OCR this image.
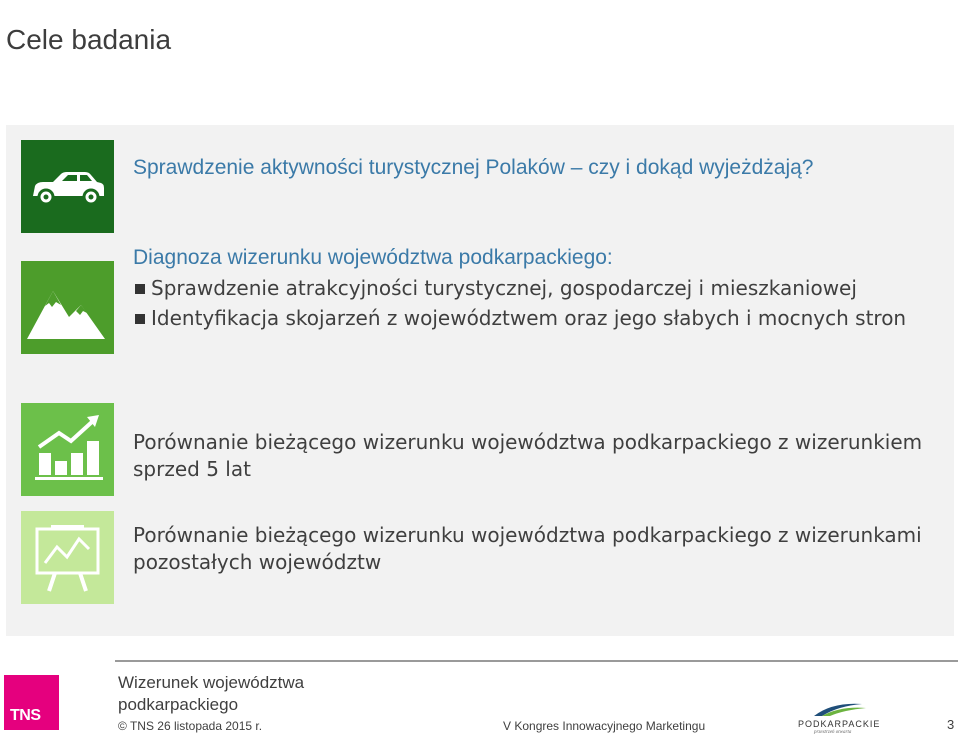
Cele badania
Sprawdzenie aktywności turystycznej Polaków – czy i dokąd wyjeżdżają?
Diagnoza wizerunku województwa podkarpackiego:
Sprawdzenie atrakcyjności turystycznej, gospodarczej i mieszkaniowej
Identyfikacja skojarzeń z województwem oraz jego słabych i mocnych stron
Porównanie bieżącego wizerunku województwa podkarpackiego z wizerunkiem sprzed 5 lat
Porównanie bieżącego wizerunku województwa podkarpackiego z wizerunkami pozostałych województw
TNS
Wizerunek województwa podkarpackiego
© TNS 26 listopada 2015 r.	V Kongres Innowacyjnego Marketingu	PODKARPACKIE
przestrzeń otwarta
3
